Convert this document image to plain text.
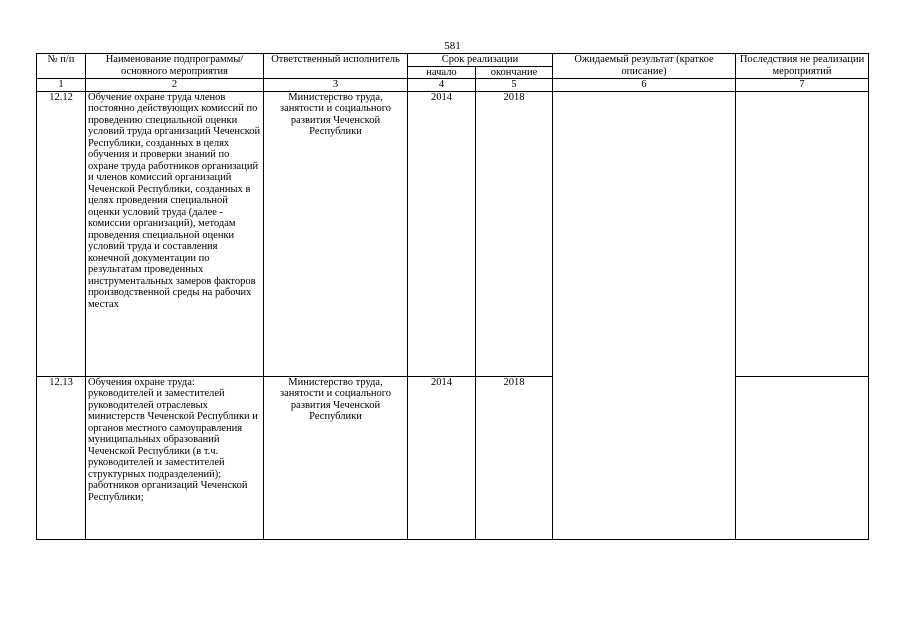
581
№ п/п	Наименование подпрограммы/ основного мероприятия	Ответственный исполнитель	Срок реализации		Ожидаемый результат (краткое описание)	Последствия не реализации мероприятий
			начало	окончание		
1	2	3	4	5	6	7
12.12	Обучение охране труда членов постоянно действующих комиссий по проведению специальной оценки условий труда организаций Чеченской Республики, созданных в целях обучения и проверки знаний по охране труда работников организаций и членов комиссий организаций Чеченской Республики, созданных в целях проведения специальной оценки условий труда (далее - комиссии организаций), методам проведения специальной оценки условий труда и составления конечной документации по результатам проведенных инструментальных замеров факторов производственной среды на рабочих местах	Министерство труда, занятости и социального развития Чеченской Республики	2014	2018		
12.13	Обучения охране труда: руководителей и заместителей руководителей отраслевых министерств Чеченской Республики и органов местного самоуправления муниципальных образований Чеченской Республики (в т.ч. руководителей и заместителей структурных подразделений); работников организаций Чеченской Республики;	Министерство труда, занятости и социального развития Чеченской Республики	2014	2018		
